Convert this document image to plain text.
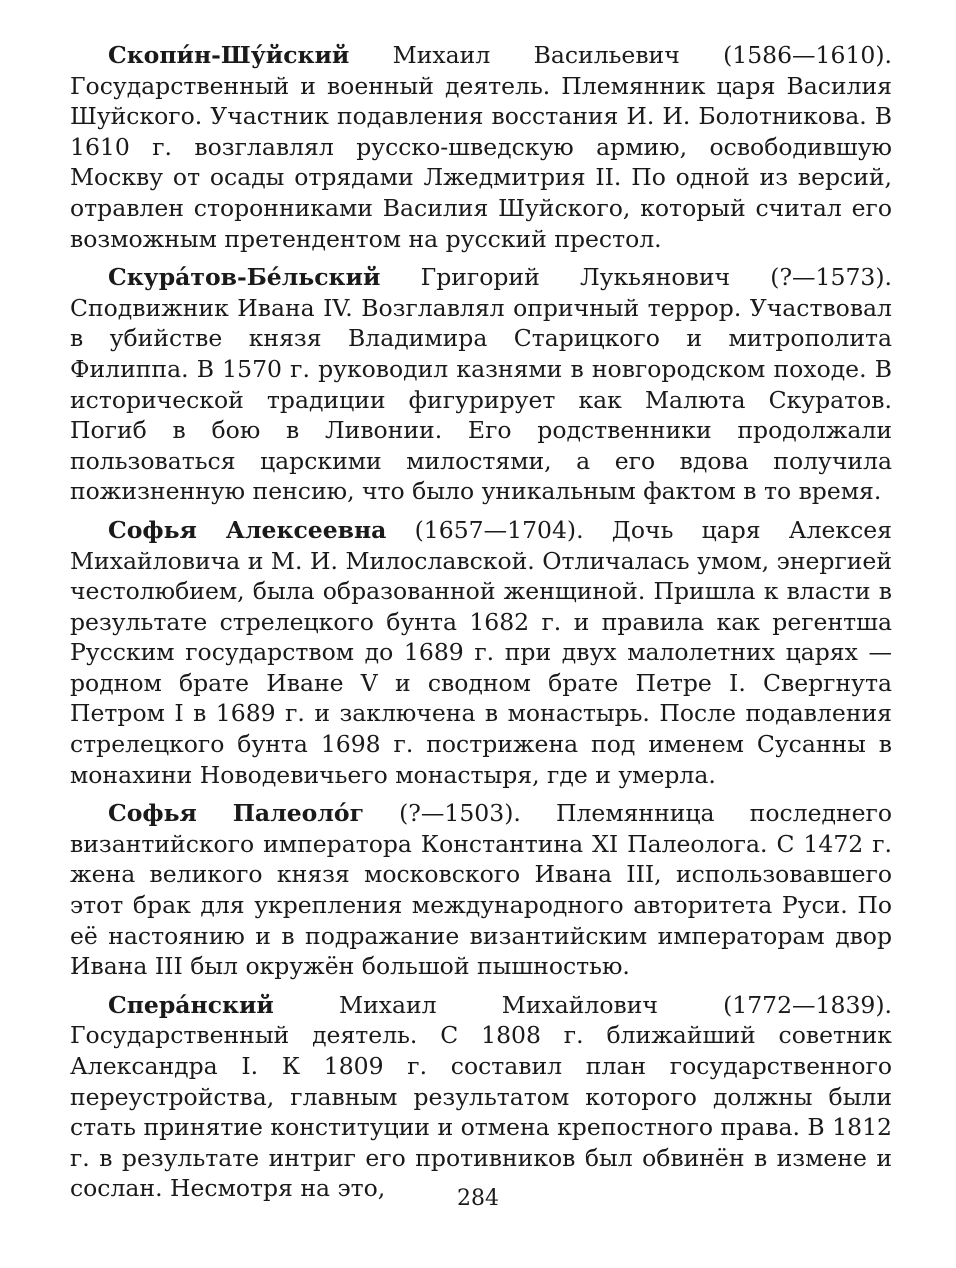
Скопи́н-Шу́йский Михаил Васильевич (1586—1610). Государственный и военный деятель. Племянник царя Василия Шуйского. Участник подавления восстания И. И. Болотникова. В 1610 г. возглавлял русско-шведскую армию, освободившую Москву от осады отрядами Лжедмитрия II. По одной из версий, отравлен сторонниками Василия Шуйского, который считал его возможным претендентом на русский престол.

Скура́тов-Бе́льский Григорий Лукьянович (?—1573). Сподвижник Ивана IV. Возглавлял опричный террор. Участвовал в убийстве князя Владимира Старицкого и митрополита Филиппа. В 1570 г. руководил казнями в новгородском походе. В исторической традиции фигурирует как Малюта Скуратов. Погиб в бою в Ливонии. Его родственники продолжали пользоваться царскими милостями, а его вдова получила пожизненную пенсию, что было уникальным фактом в то время.

Софья Алексеевна (1657—1704). Дочь царя Алексея Михайловича и М. И. Милославской. Отличалась умом, энергией честолюбием, была образованной женщиной. Пришла к власти в результате стрелецкого бунта 1682 г. и правила как регентша Русским государством до 1689 г. при двух малолетних царях — родном брате Иване V и сводном брате Петре I. Свергнута Петром I в 1689 г. и заключена в монастырь. После подавления стрелецкого бунта 1698 г. пострижена под именем Сусанны в монахини Новодевичьего монастыря, где и умерла.

Софья Палеоло́г (?—1503). Племянница последнего византийского императора Константина XI Палеолога. С 1472 г. жена великого князя московского Ивана III, использовавшего этот брак для укрепления международного авторитета Руси. По её настоянию и в подражание византийским императорам двор Ивана III был окружён большой пышностью.

Спера́нский Михаил Михайлович (1772—1839). Государственный деятель. С 1808 г. ближайший советник Александра I. К 1809 г. составил план государственного переустройства, главным результатом которого должны были стать принятие конституции и отмена крепостного права. В 1812 г. в результате интриг его противников был обвинён в измене и сослан. Несмотря на это,	284
